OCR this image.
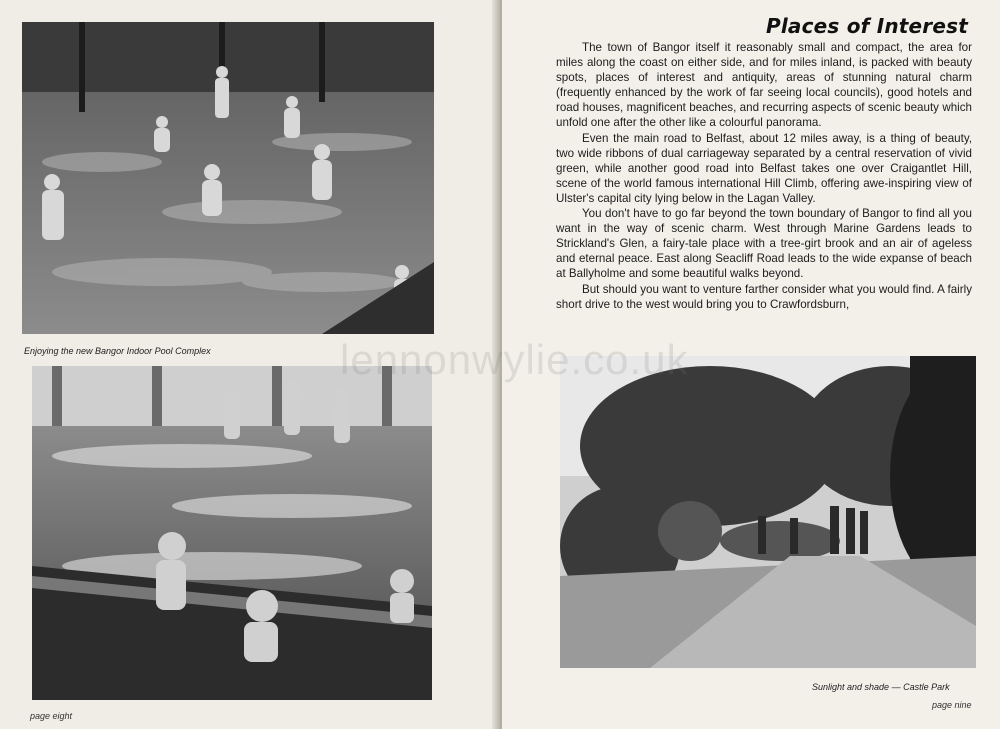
Enjoying the new Bangor Indoor Pool Complex
page eight
Places of Interest

The town of Bangor itself it reasonably small and compact, the area for miles along the coast on either side, and for miles inland, is packed with beauty spots, places of interest and antiquity, areas of stunning natural charm (frequently enhanced by the work of far seeing local councils), good hotels and road houses, magnificent beaches, and recurring aspects of scenic beauty which unfold one after the other like a colourful panorama.

Even the main road to Belfast, about 12 miles away, is a thing of beauty, two wide ribbons of dual carriageway separated by a central reservation of vivid green, while another good road into Belfast takes one over Craigantlet Hill, scene of the world famous international Hill Climb, offering awe-inspiring view of Ulster's capital city lying below in the Lagan Valley.

You don't have to go far beyond the town boundary of Bangor to find all you want in the way of scenic charm. West through Marine Gardens leads to Strickland's Glen, a fairy-tale place with a tree-girt brook and an air of ageless and eternal peace. East along Seacliff Road leads to the wide expanse of beach at Ballyholme and some beautiful walks beyond.

But should you want to venture farther consider what you would find. A fairly short drive to the west would bring you to Crawfordsburn,

Sunlight and shade — Castle Park
page nine
lennonwylie.co.uk
